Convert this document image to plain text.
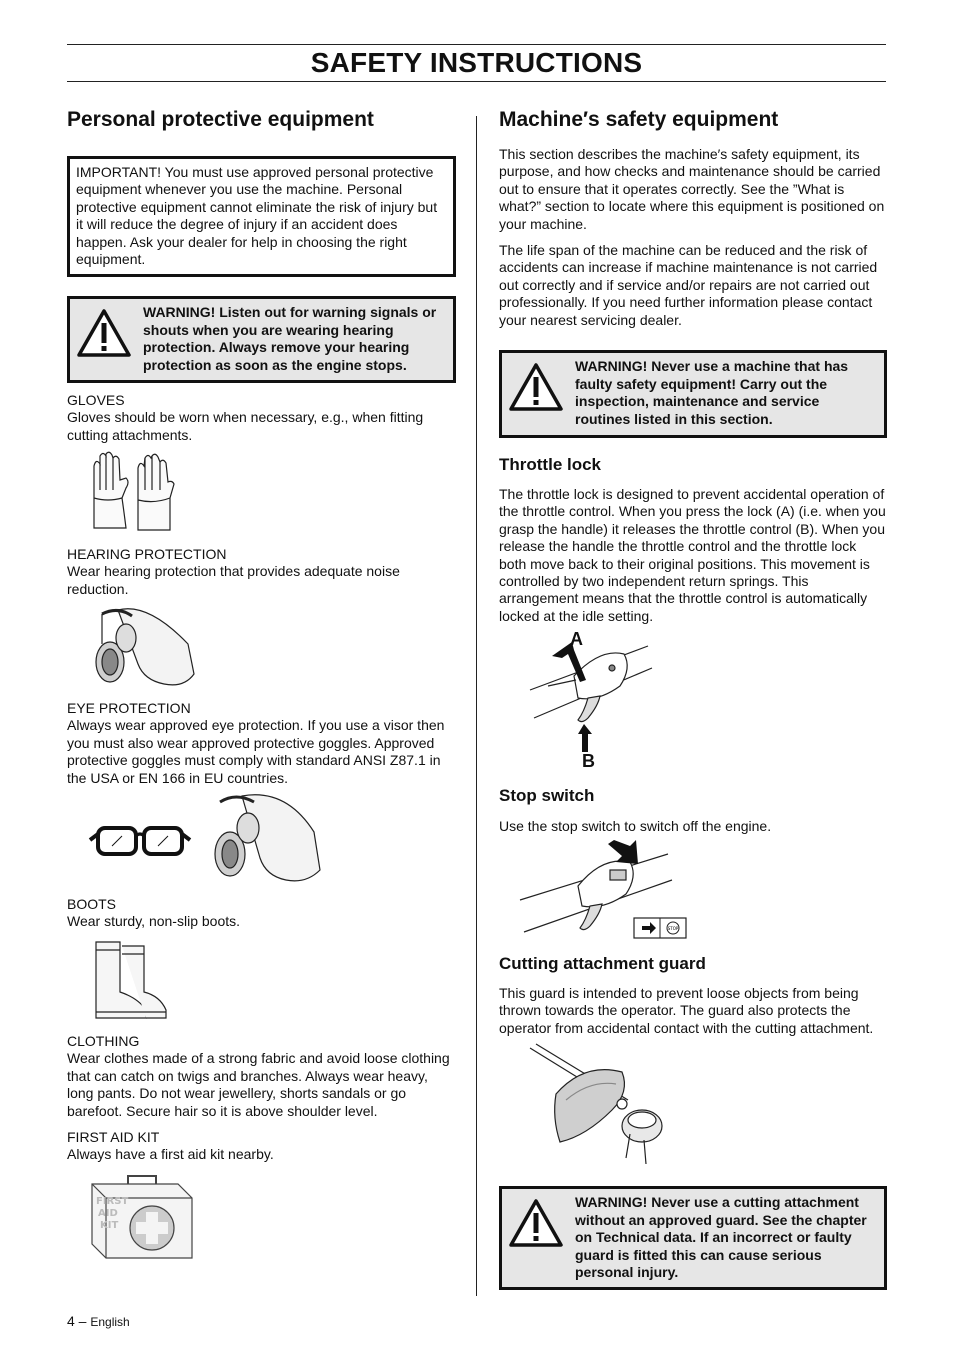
SAFETY INSTRUCTIONS
Personal protective equipment
IMPORTANT! You must use approved personal protective equipment whenever you use the machine. Personal protective equipment cannot eliminate the risk of injury but it will reduce the degree of injury if an accident does happen. Ask your dealer for help in choosing the right equipment.
WARNING! Listen out for warning signals or shouts when you are wearing hearing protection. Always remove your hearing protection as soon as the engine stops.
GLOVES
Gloves should be worn when necessary, e.g., when fitting cutting attachments.
HEARING PROTECTION
Wear hearing protection that provides adequate noise reduction.
EYE PROTECTION
Always wear approved eye protection. If you use a visor then you must also wear approved protective goggles. Approved protective goggles must comply with standard ANSI Z87.1 in the USA or EN 166 in EU countries.
BOOTS
Wear sturdy, non-slip boots.
CLOTHING
Wear clothes made of a strong fabric and avoid loose clothing that can catch on twigs and branches. Always wear heavy, long pants. Do not wear jewellery, shorts sandals or go barefoot. Secure hair so it is above shoulder level.
FIRST AID KIT
Always have a first aid kit nearby.
FIRST
AID
KIT
Machine′s safety equipment
This section describes the machine′s safety equipment, its purpose, and how checks and maintenance should be carried out to ensure that it operates correctly. See the ”What is what?” section to locate where this equipment is positioned on your machine.
The life span of the machine can be reduced and the risk of accidents can increase if machine maintenance is not carried out correctly and if service and/or repairs are not carried out professionally. If you need further information please contact your nearest servicing dealer.
WARNING! Never use a machine that has faulty safety equipment! Carry out the inspection, maintenance and service routines listed in this section.
Throttle lock
The throttle lock is designed to prevent accidental operation of the throttle control. When you press the lock (A) (i.e. when you grasp the handle) it releases the throttle control (B). When you release the handle the throttle control and the throttle lock both move back to their original positions. This movement is controlled by two independent return springs. This arrangement means that the throttle control is automatically locked at the idle setting.
A
B
Stop switch
Use the stop switch to switch off the engine.
STOP
Cutting attachment guard
This guard is intended to prevent loose objects from being thrown towards the operator. The guard also protects the operator from accidental contact with the cutting attachment.
WARNING! Never use a cutting attachment without an approved guard. See the chapter on Technical data. If an incorrect or faulty guard is fitted this can cause serious personal injury.
4 – English
